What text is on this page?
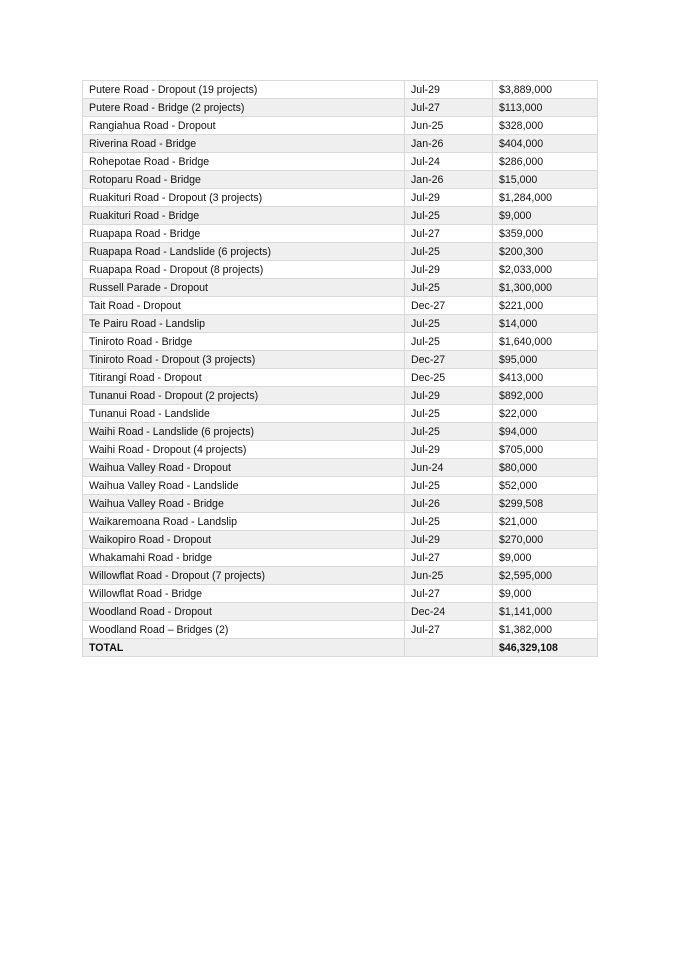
Putere Road - Dropout (19 projects)	Jul-29	$3,889,000
Putere Road - Bridge (2 projects)	Jul-27	$113,000
Rangiahua Road - Dropout	Jun-25	$328,000
Riverina Road - Bridge	Jan-26	$404,000
Rohepotae Road - Bridge	Jul-24	$286,000
Rotoparu Road - Bridge	Jan-26	$15,000
Ruakituri Road - Dropout (3 projects)	Jul-29	$1,284,000
Ruakituri Road - Bridge	Jul-25	$9,000
Ruapapa Road - Bridge	Jul-27	$359,000
Ruapapa Road - Landslide (6 projects)	Jul-25	$200,300
Ruapapa Road - Dropout (8 projects)	Jul-29	$2,033,000
Russell Parade - Dropout	Jul-25	$1,300,000
Tait Road - Dropout	Dec-27	$221,000
Te Pairu Road - Landslip	Jul-25	$14,000
Tiniroto Road - Bridge	Jul-25	$1,640,000
Tiniroto Road - Dropout (3 projects)	Dec-27	$95,000
Titirangi Road - Dropout	Dec-25	$413,000
Tunanui Road - Dropout (2 projects)	Jul-29	$892,000
Tunanui Road - Landslide	Jul-25	$22,000
Waihi Road - Landslide (6 projects)	Jul-25	$94,000
Waihi Road - Dropout (4 projects)	Jul-29	$705,000
Waihua Valley Road - Dropout	Jun-24	$80,000
Waihua Valley Road - Landslide	Jul-25	$52,000
Waihua Valley Road - Bridge	Jul-26	$299,508
Waikaremoana Road - Landslip	Jul-25	$21,000
Waikopiro Road - Dropout	Jul-29	$270,000
Whakamahi Road - bridge	Jul-27	$9,000
Willowflat Road - Dropout (7 projects)	Jun-25	$2,595,000
Willowflat Road - Bridge	Jul-27	$9,000
Woodland Road - Dropout	Dec-24	$1,141,000
Woodland Road – Bridges (2)	Jul-27	$1,382,000
TOTAL		$46,329,108
